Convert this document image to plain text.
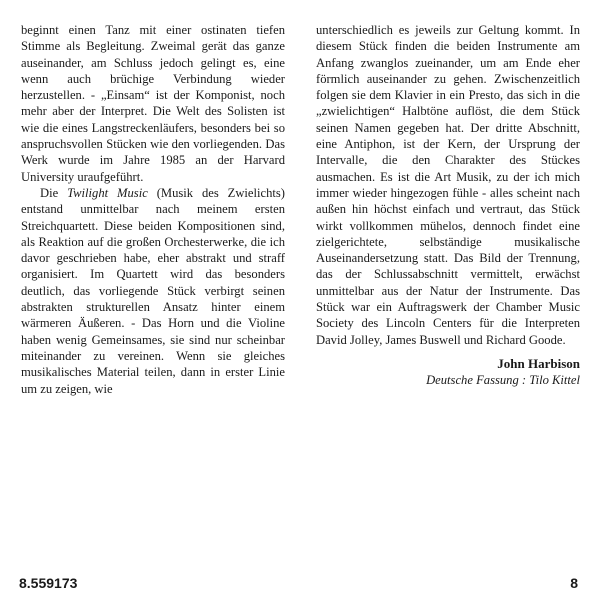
beginnt einen Tanz mit einer ostinaten tiefen Stimme als Begleitung. Zweimal gerät das ganze auseinander, am Schluss jedoch gelingt es, eine wenn auch brüchige Verbindung wieder herzustellen. - „Einsam“ ist der Komponist, noch mehr aber der Interpret. Die Welt des Solisten ist wie die eines Langstreckenläufers, besonders bei so anspruchsvollen Stücken wie den vorliegenden. Das Werk wurde im Jahre 1985 an der Harvard University uraufgeführt.

Die Twilight Music (Musik des Zwielichts) entstand unmittelbar nach meinem ersten Streichquartett. Diese beiden Kompositionen sind, als Reaktion auf die großen Orchesterwerke, die ich davor geschrieben habe, eher abstrakt und straff organisiert. Im Quartett wird das besonders deutlich, das vorliegende Stück verbirgt seinen abstrakten strukturellen Ansatz hinter einem wärmeren Äußeren. - Das Horn und die Violine haben wenig Gemeinsames, sie sind nur scheinbar miteinander zu vereinen. Wenn sie gleiches musikalisches Material teilen, dann in erster Linie um zu zeigen, wie

unterschiedlich es jeweils zur Geltung kommt. In diesem Stück finden die beiden Instrumente am Anfang zwanglos zueinander, um am Ende eher förmlich auseinander zu gehen. Zwischenzeitlich folgen sie dem Klavier in ein Presto, das sich in die „zwielichtigen“ Halbtöne auflöst, die dem Stück seinen Namen gegeben hat. Der dritte Abschnitt, eine Antiphon, ist der Kern, der Ursprung der Intervalle, die den Charakter des Stückes ausmachen. Es ist die Art Musik, zu der ich mich immer wieder hingezogen fühle - alles scheint nach außen hin höchst einfach und vertraut, das Stück wirkt vollkommen mühelos, dennoch findet eine zielgerichtete, selbständige musikalische Auseinandersetzung statt. Das Bild der Trennung, das der Schlussabschnitt vermittelt, erwächst unmittelbar aus der Natur der Instrumente. Das Stück war ein Auftragswerk der Chamber Music Society des Lincoln Centers für die Interpreten David Jolley, James Buswell und Richard Goode.

John Harbison
Deutsche Fassung : Tilo Kittel
8.559173	8
